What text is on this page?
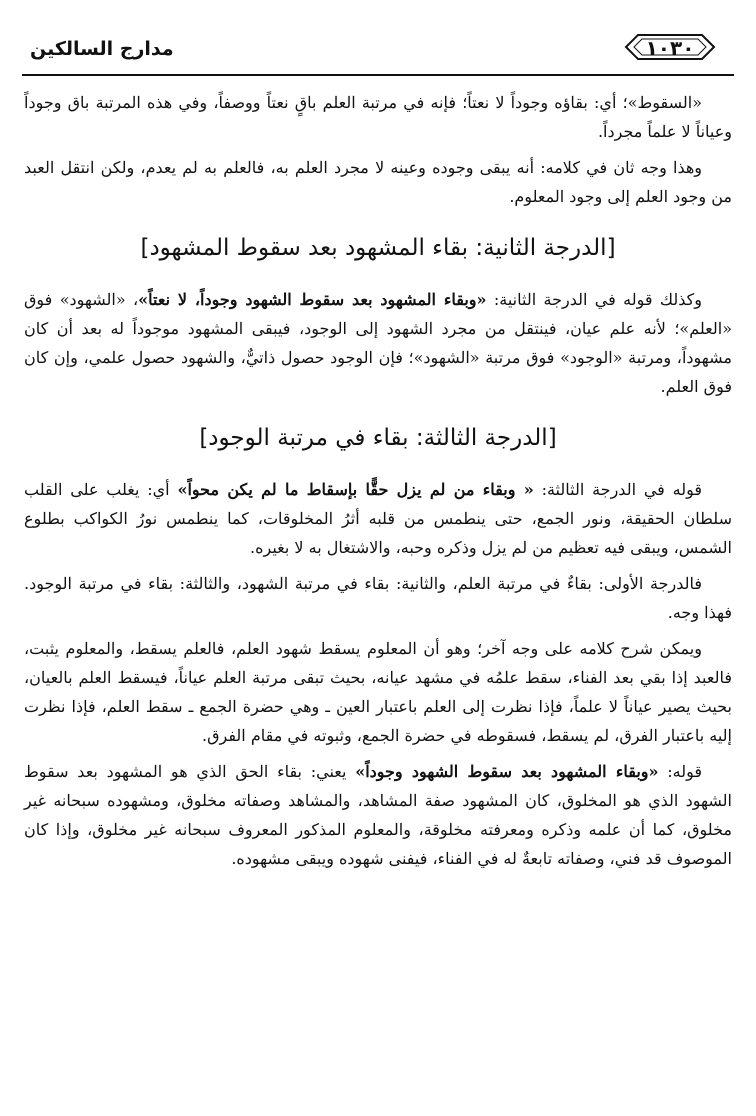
مدارج السالكين	١٠٣٠

«السقوط»؛ أي: بقاؤه وجوداً لا نعتاً؛ فإنه في مرتبة العلم باقٍ نعتاً ووصفاً، وفي هذه المرتبة باق وجوداً وعياناً لا علماً مجرداً.

وهذا وجه ثان في كلامه: أنه يبقى وجوده وعينه لا مجرد العلم به، فالعلم به لم يعدم، ولكن انتقل العبد من وجود العلم إلى وجود المعلوم.

[الدرجة الثانية: بقاء المشهود بعد سقوط المشهود]

وكذلك قوله في الدرجة الثانية: «وبقاء المشهود بعد سقوط الشهود وجوداً، لا نعتاً»، «الشهود» فوق «العلم»؛ لأنه علم عيان، فينتقل من مجرد الشهود إلى الوجود، فيبقى المشهود موجوداً له بعد أن كان مشهوداً، ومرتبة «الوجود» فوق مرتبة «الشهود»؛ فإن الوجود حصول ذاتيٌّ، والشهود حصول علمي، وإن كان فوق العلم.

[الدرجة الثالثة: بقاء في مرتبة الوجود]

قوله في الدرجة الثالثة: « وبقاء من لم يزل حقًّا بإسقاط ما لم يكن محواً» أي: يغلب على القلب سلطان الحقيقة، ونور الجمع، حتى ينطمس من قلبه أثرُ المخلوقات، كما ينطمس نورُ الكواكب بطلوع الشمس، ويبقى فيه تعظيم من لم يزل وذكره وحبه، والاشتغال به لا بغيره.

فالدرجة الأولى: بقاءٌ في مرتبة العلم، والثانية: بقاء في مرتبة الشهود، والثالثة: بقاء في مرتبة الوجود. فهذا وجه.

ويمكن شرح كلامه على وجه آخر؛ وهو أن المعلوم يسقط شهود العلم، فالعلم يسقط، والمعلوم يثبت، فالعبد إذا بقي بعد الفناء، سقط علمُه في مشهد عيانه، بحيث تبقى مرتبة العلم عياناً، فيسقط العلم بالعيان، بحيث يصير عياناً لا علماً، فإذا نظرت إلى العلم باعتبار العين ـ وهي حضرة الجمع ـ سقط العلم، فإذا نظرت إليه باعتبار الفرق، لم يسقط، فسقوطه في حضرة الجمع، وثبوته في مقام الفرق.

قوله: «وبقاء المشهود بعد سقوط الشهود وجوداً» يعني: بقاء الحق الذي هو المشهود بعد سقوط الشهود الذي هو المخلوق، كان المشهود صفة المشاهد، والمشاهد وصفاته مخلوق، ومشهوده سبحانه غير مخلوق، كما أن علمه وذكره ومعرفته مخلوقة، والمعلوم المذكور المعروف سبحانه غير مخلوق، وإذا كان الموصوف قد فني، وصفاته تابعةٌ له في الفناء، فيفنى شهوده ويبقى مشهوده.
